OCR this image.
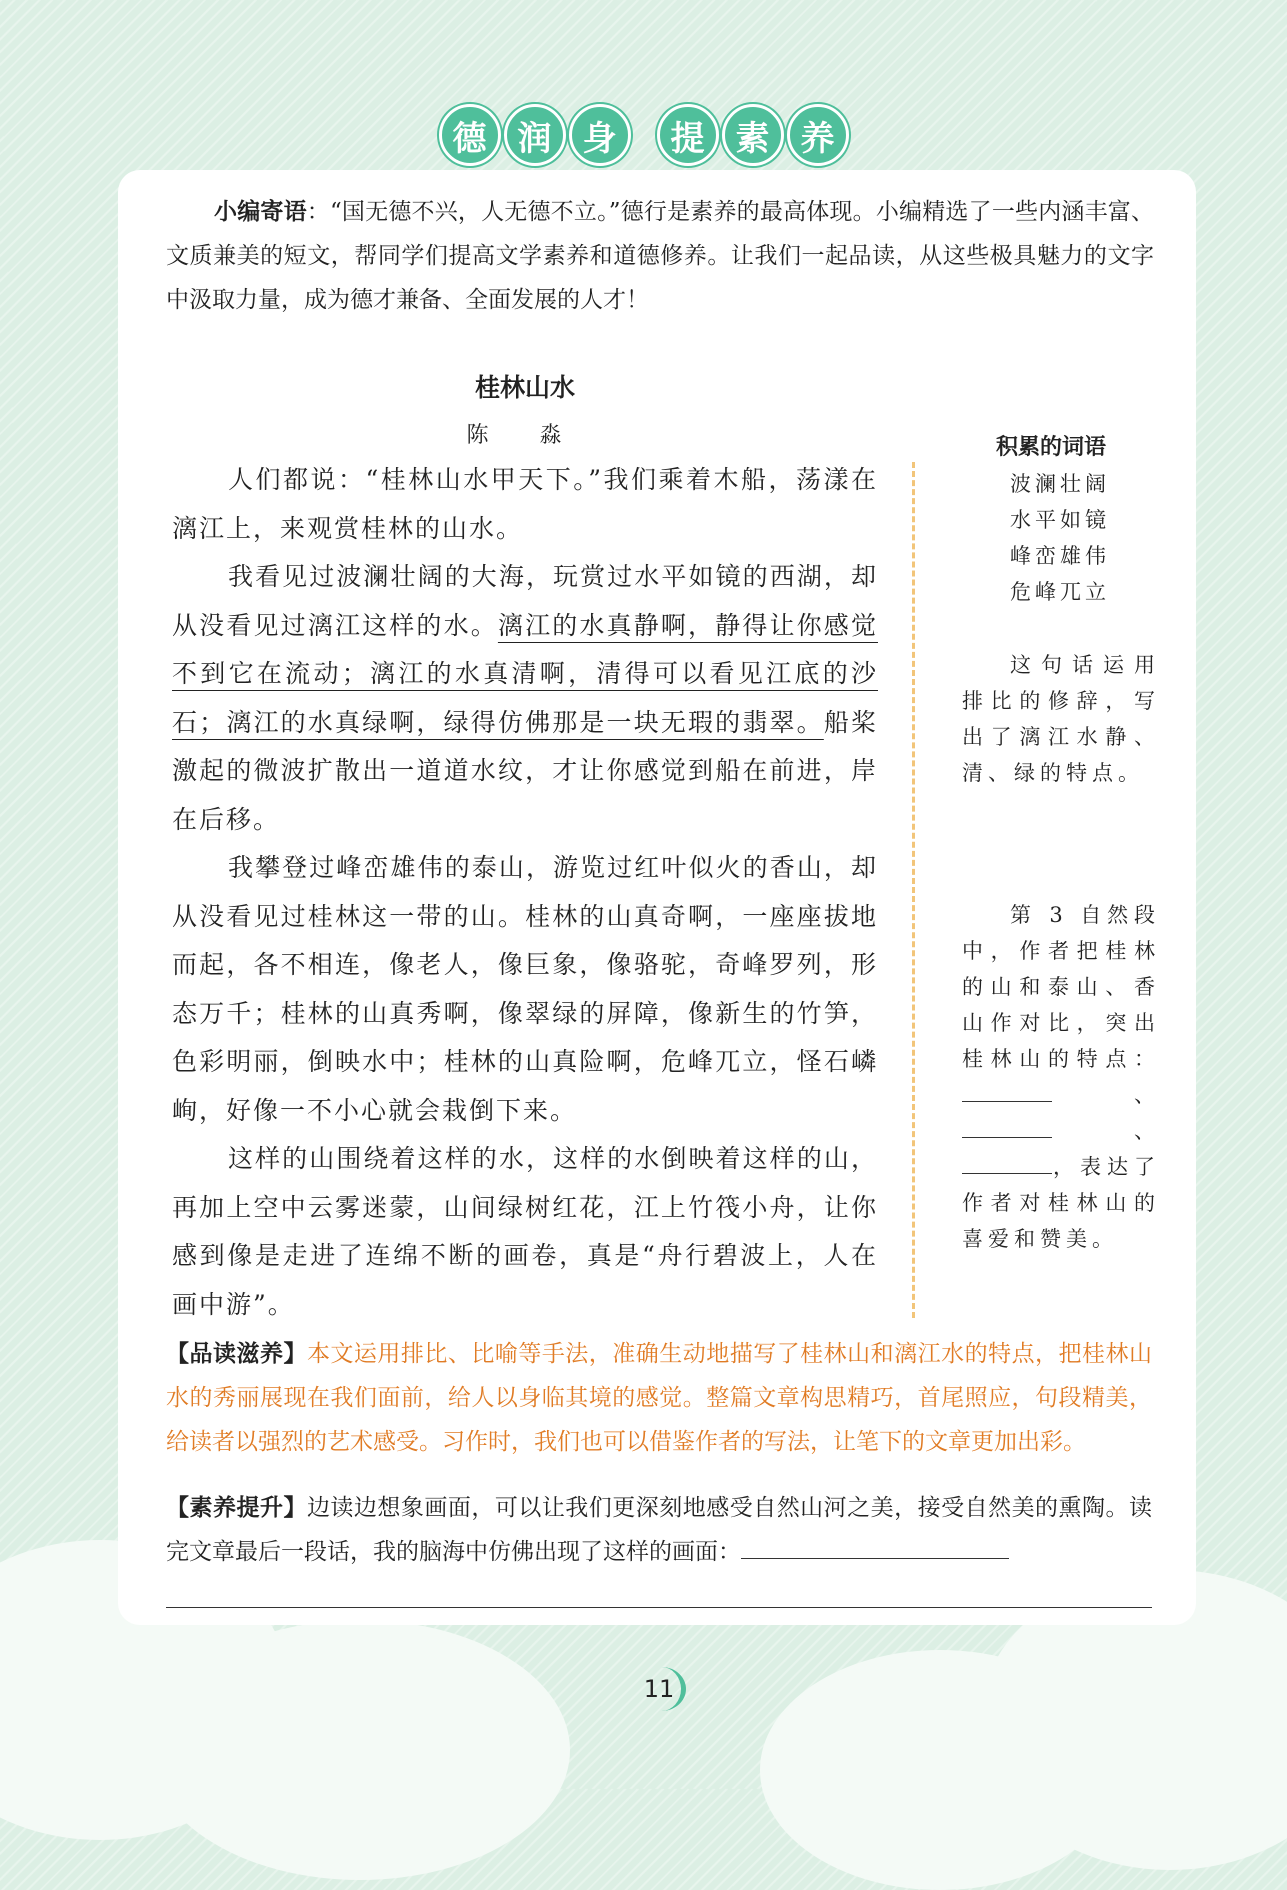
德 润 身	提 素 养
小编寄语：“国无德不兴，人无德不立。”德行是素养的最高体现。小编精选了一些内涵丰富、文质兼美的短文，帮同学们提高文学素养和道德修养。让我们一起品读，从这些极具魅力的文字中汲取力量，成为德才兼备、全面发展的人才！
桂林山水
陈 淼

人们都说：“桂林山水甲天下。”我们乘着木船，荡漾在漓江上，来观赏桂林的山水。

我看见过波澜壮阔的大海，玩赏过水平如镜的西湖，却从没看见过漓江这样的水。漓江的水真静啊，静得让你感觉不到它在流动；漓江的水真清啊，清得可以看见江底的沙石；漓江的水真绿啊，绿得仿佛那是一块无瑕的翡翠。船桨激起的微波扩散出一道道水纹，才让你感觉到船在前进，岸在后移。

我攀登过峰峦雄伟的泰山，游览过红叶似火的香山，却从没看见过桂林这一带的山。桂林的山真奇啊，一座座拔地而起，各不相连，像老人，像巨象，像骆驼，奇峰罗列，形态万千；桂林的山真秀啊，像翠绿的屏障，像新生的竹笋，色彩明丽，倒映水中；桂林的山真险啊，危峰兀立，怪石嶙峋，好像一不小心就会栽倒下来。

这样的山围绕着这样的水，这样的水倒映着这样的山，再加上空中云雾迷蒙，山间绿树红花，江上竹筏小舟，让你感到像是走进了连绵不断的画卷，真是“舟行碧波上，人在画中游”。

积累的词语
波澜壮阔
水平如镜
峰峦雄伟
危峰兀立
这句话运用排比的修辞，写出了漓江水静、清、绿的特点。
第 3 自然段中，作者把桂林的山和泰山、香山作对比，突出桂林山的特点：、、，表达了作者对桂林山的喜爱和赞美。
【品读滋养】本文运用排比、比喻等手法，准确生动地描写了桂林山和漓江水的特点，把桂林山水的秀丽展现在我们面前，给人以身临其境的感觉。整篇文章构思精巧，首尾照应，句段精美，给读者以强烈的艺术感受。习作时，我们也可以借鉴作者的写法，让笔下的文章更加出彩。
【素养提升】边读边想象画面，可以让我们更深刻地感受自然山河之美，接受自然美的熏陶。读完文章最后一段话，我的脑海中仿佛出现了这样的画面：
11
